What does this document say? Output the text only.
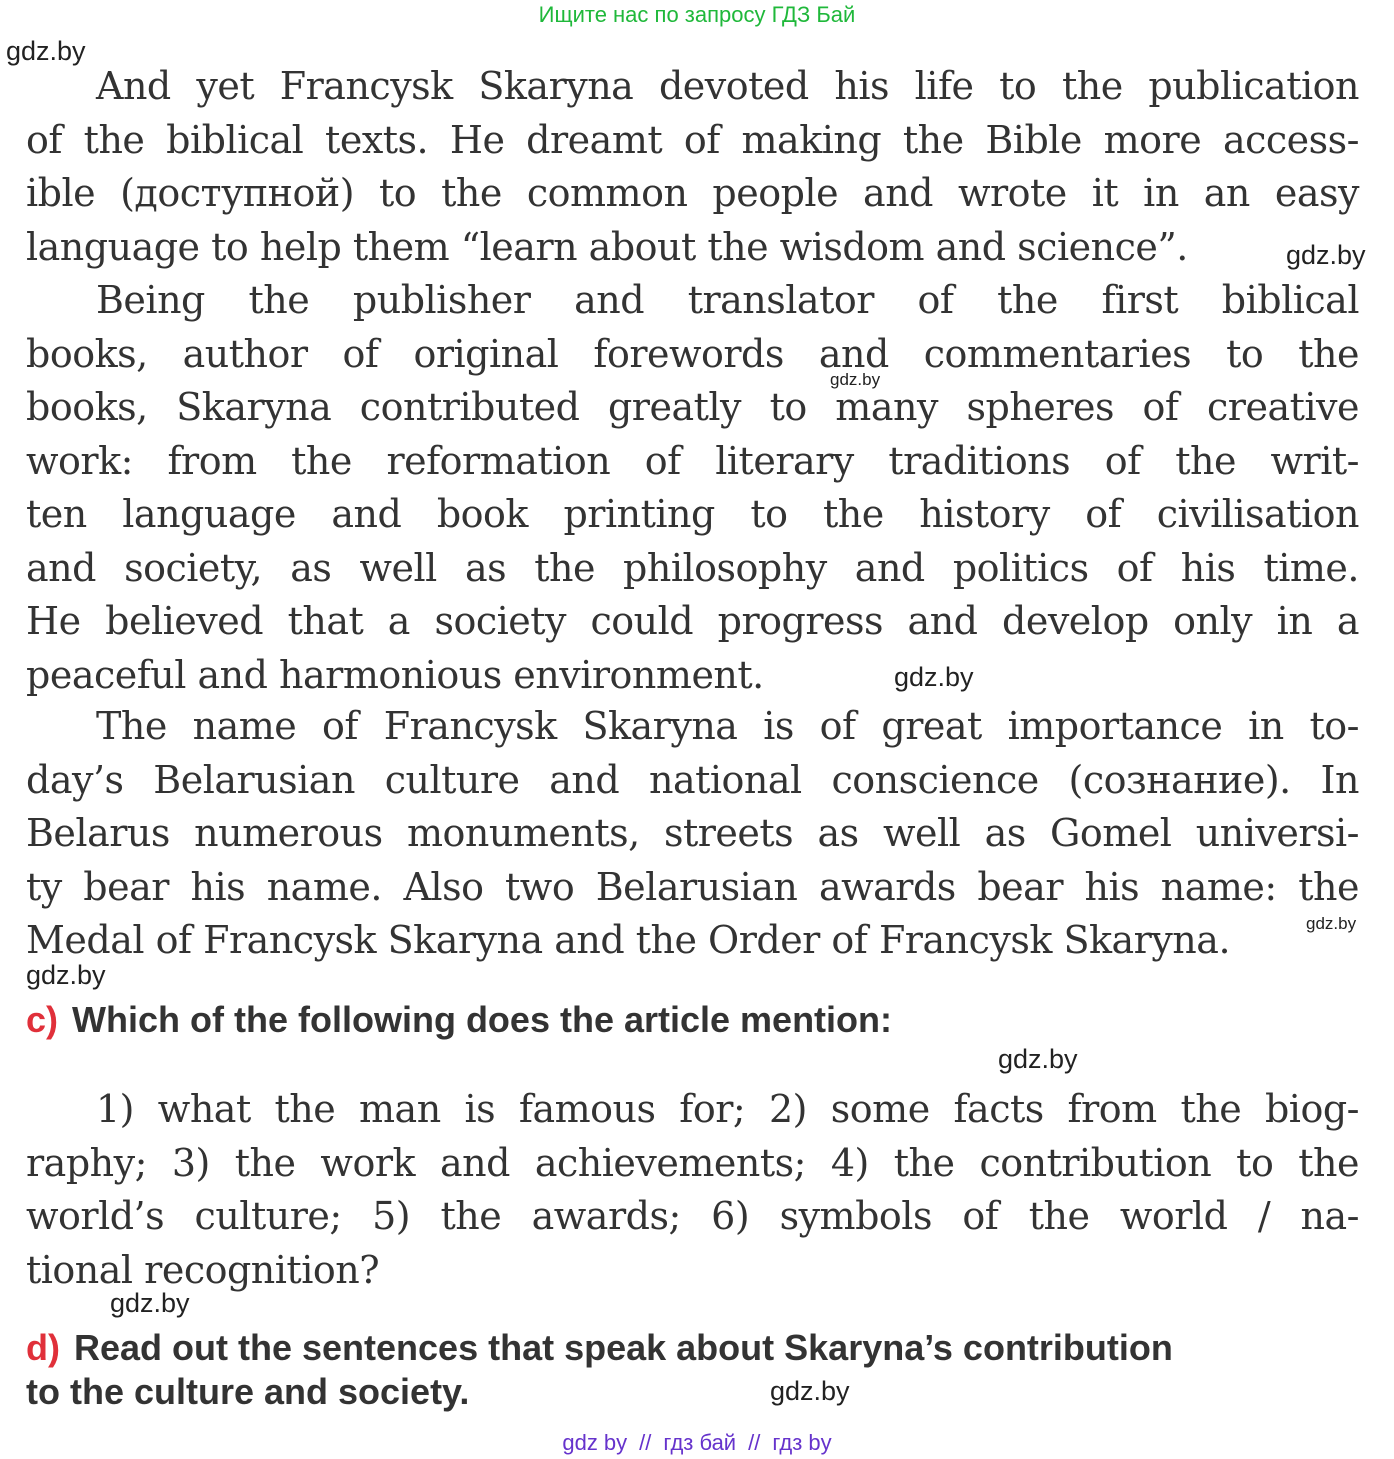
Ищите нас по запросу ГДЗ Бай
gdz.by
And yet Francysk Skaryna devoted his life to the publication
of the biblical texts. He dreamt of making the Bible more access-
ible (доступной) to the common people and wrote it in an easy
language to help them “learn about the wisdom and science”.	gdz.by
Being the publisher and translator of the first biblical
books, author of original forewords and commentaries to the
books, Skaryna contributed greatly to many spheres of creative
work: from the reformation of literary traditions of the writ-
ten language and book printing to the history of civilisation
and society, as well as the philosophy and politics of his time.
He believed that a society could progress and develop only in a
peaceful and harmonious environment.
gdz.by
gdz.by
The name of Francysk Skaryna is of great importance in to-
day’s Belarusian culture and national conscience (сознание). In
Belarus numerous monuments, streets as well as Gomel universi-
ty bear his name. Also two Belarusian awards bear his name: the
Medal of Francysk Skaryna and the Order of Francysk Skaryna.	gdz.by
gdz.by
c) Which of the following does the article mention:
gdz.by
1) what the man is famous for; 2) some facts from the biog-
raphy; 3) the work and achievements; 4) the contribution to the
world’s culture; 5) the awards; 6) symbols of the world / na-
tional recognition?
gdz.by
d) Read out the sentences that speak about Skaryna’s contribution
to the culture and society.	gdz.by
gdz by // гдз бай // гдз by
